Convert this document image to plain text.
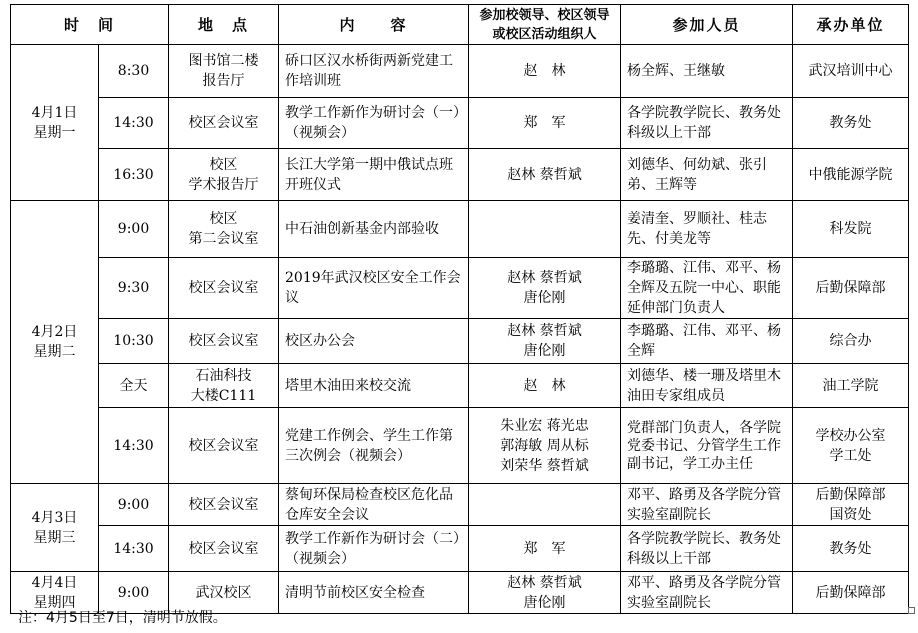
时　间		地　点	内　　容	参加校领导、校区领导
或校区活动组织人	参加人员	承办单位

4月1日
星期一	8:30	图书馆二楼
报告厅	硚口区汉水桥街两新党建工作培训班	赵　林	杨全辉、王继敏	武汉培训中心

	14:30	校区会议室	教学工作新作为研讨会（一）（视频会）	郑　军	各学院教学院长、教务处科级以上干部	教务处

	16:30	校区
学术报告厅	长江大学第一期中俄试点班开班仪式	赵林 蔡哲斌	刘德华、何幼斌、张引弟、王辉等	中俄能源学院

4月2日
星期二	9:00	校区
第二会议室	中石油创新基金内部验收		姜清奎、罗顺社、桂志先、付美龙等	科发院

	9:30	校区会议室	2019年武汉校区安全工作会议	赵林 蔡哲斌
唐伦刚	李璐璐、江伟、邓平、杨全辉及五院一中心、职能延伸部门负责人	后勤保障部

	10:30	校区会议室	校区办公会	赵林 蔡哲斌
唐伦刚	李璐璐、江伟、邓平、杨全辉	综合办

	全天	石油科技
大楼C111	塔里木油田来校交流	赵　林	刘德华、楼一珊及塔里木油田专家组成员	油工学院

	14:30	校区会议室	党建工作例会、学生工作第三次例会（视频会）	朱业宏 蒋光忠
郭海敏 周从标
刘荣华 蔡哲斌	党群部门负责人，各学院党委书记、分管学生工作副书记，学工办主任	学校办公室
学工处

4月3日
星期三	9:00	校区会议室	蔡甸环保局检查校区危化品仓库安全会议		邓平、路勇及各学院分管实验室副院长	后勤保障部
国资处

	14:30	校区会议室	教学工作新作为研讨会（二）（视频会）	郑　军	各学院教学院长、教务处科级以上干部	教务处

4月4日
星期四	9:00	武汉校区	清明节前校区安全检查	赵林 蔡哲斌
唐伦刚	邓平、路勇及各学院分管实验室副院长	后勤保障部
注：4月5日至7日，清明节放假。
